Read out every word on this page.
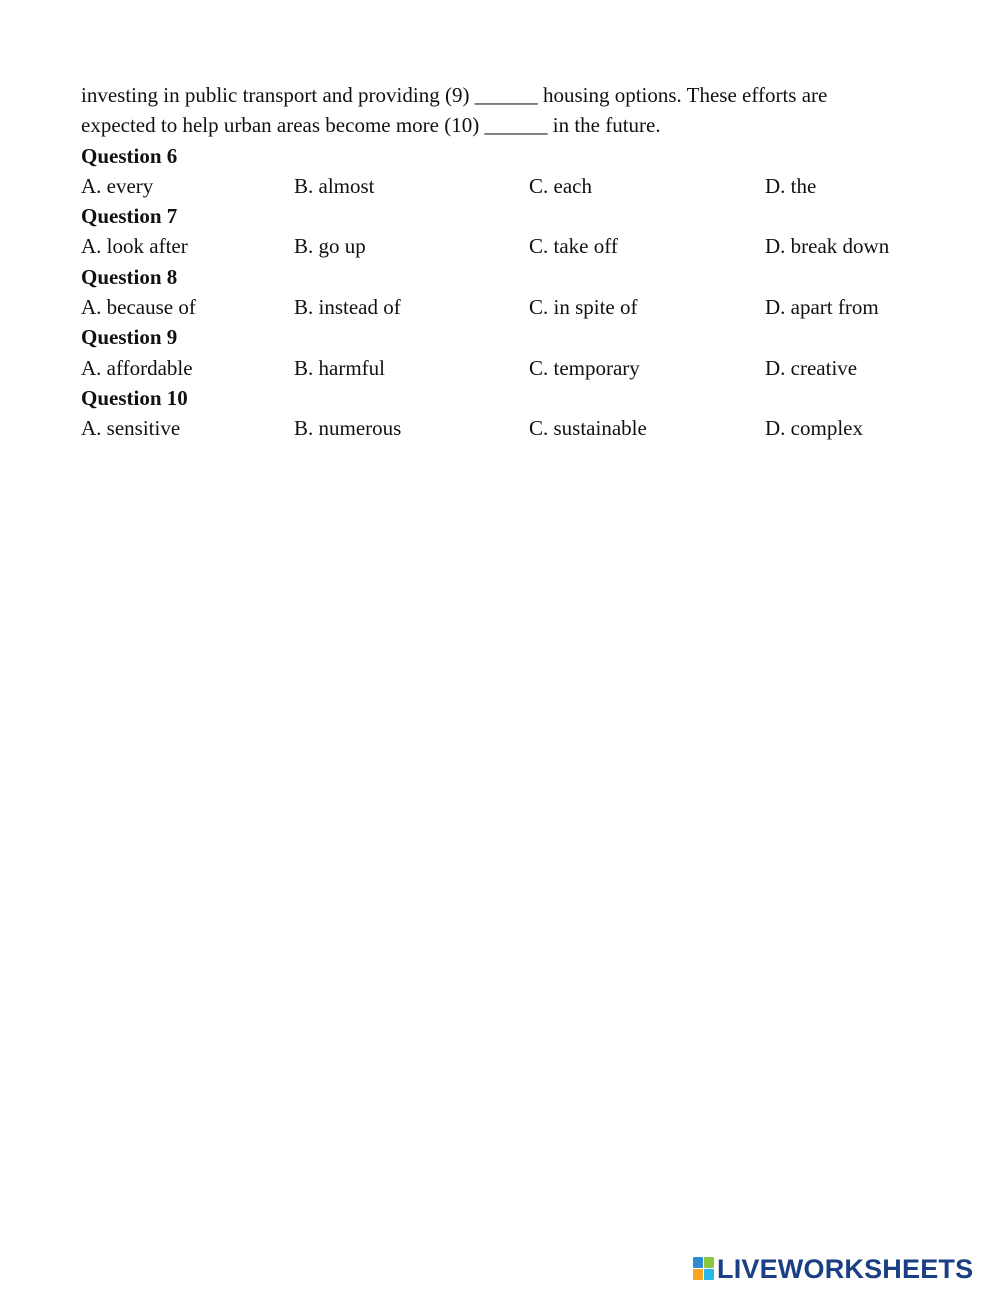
investing in public transport and providing (9) ______ housing options. These efforts are

expected to help urban areas become more (10) ______ in the future.

Question 6

A. every	B. almost	C. each	D. the

Question 7

A. look after	B. go up	C. take off	D. break down

Question 8

A. because of	B. instead of	C. in spite of	D. apart from

Question 9

A. affordable	B. harmful	C. temporary	D. creative

Question 10

A. sensitive	B. numerous	C. sustainable	D. complex
LIVEWORKSHEETS
